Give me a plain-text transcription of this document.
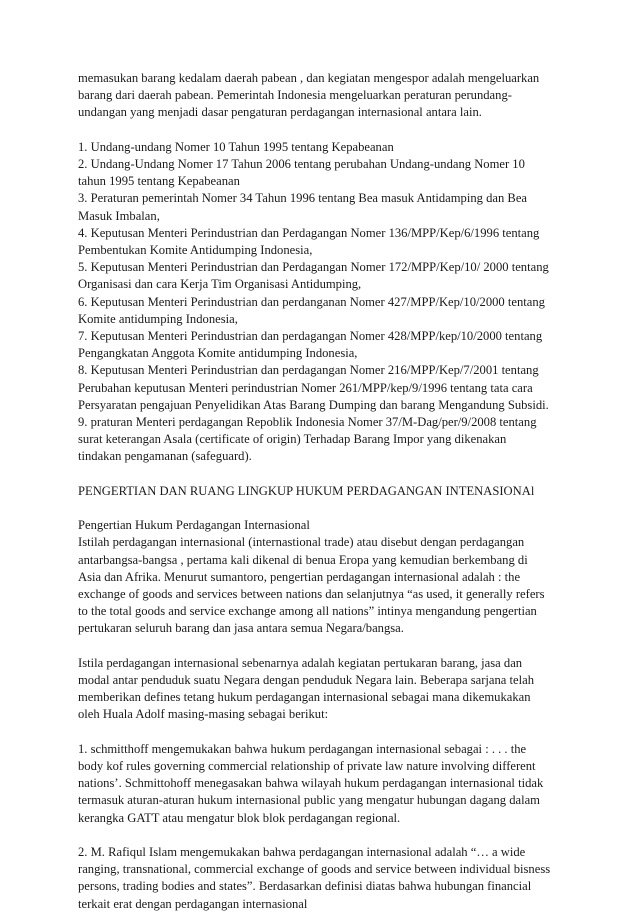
memasukan barang kedalam daerah pabean , dan kegiatan mengespor adalah mengeluarkan
barang dari daerah pabean. Pemerintah Indonesia mengeluarkan peraturan perundang-
undangan yang menjadi dasar pengaturan perdagangan internasional antara lain.
1. Undang-undang Nomer 10 Tahun 1995 tentang Kepabeanan
2. Undang-Undang Nomer 17 Tahun 2006 tentang perubahan Undang-undang Nomer 10
tahun 1995 tentang Kepabeanan
3. Peraturan pemerintah Nomer 34 Tahun 1996 tentang Bea masuk Antidamping dan Bea
Masuk Imbalan,
4. Keputusan Menteri Perindustrian dan Perdagangan Nomer 136/MPP/Kep/6/1996 tentang
Pembentukan Komite Antidumping Indonesia,
5. Keputusan Menteri Perindustrian dan Perdagangan Nomer 172/MPP/Kep/10/ 2000 tentang
Organisasi dan cara Kerja Tim Organisasi Antidumping,
6. Keputusan Menteri Perindustrian dan perdanganan Nomer 427/MPP/Kep/10/2000 tentang
Komite antidumping Indonesia,
7. Keputusan Menteri Perindustrian dan perdagangan Nomer 428/MPP/kep/10/2000 tentang
Pengangkatan Anggota Komite antidumping Indonesia,
8. Keputusan Menteri Perindustrian dan perdagangan Nomer 216/MPP/Kep/7/2001 tentang
Perubahan keputusan Menteri perindustrian Nomer 261/MPP/kep/9/1996 tentang tata cara
Persyaratan pengajuan Penyelidikan Atas Barang Dumping dan barang Mengandung Subsidi.
9. praturan Menteri perdagangan Repoblik Indonesia Nomer 37/M-Dag/per/9/2008 tentang
surat keterangan Asala (certificate of origin) Terhadap Barang Impor yang dikenakan
tindakan pengamanan (safeguard).
PENGERTIAN DAN RUANG LINGKUP HUKUM PERDAGANGAN INTENASIONAl
Pengertian Hukum Perdagangan Internasional
Istilah perdagangan internasional (internastional trade) atau disebut dengan perdagangan
antarbangsa-bangsa , pertama kali dikenal di benua Eropa yang kemudian berkembang di
Asia dan Afrika. Menurut sumantoro, pengertian perdagangan internasional adalah : the
exchange of goods and services between nations dan selanjutnya “as used, it generally refers
to the total goods and service exchange among all nations” intinya mengandung pengertian
pertukaran seluruh barang dan jasa antara semua Negara/bangsa.
Istila perdagangan internasional sebenarnya adalah kegiatan pertukaran barang, jasa dan
modal antar penduduk suatu Negara dengan penduduk Negara lain. Beberapa sarjana telah
memberikan defines tetang hukum perdagangan internasional sebagai mana dikemukakan
oleh Huala Adolf masing-masing sebagai berikut:
1. schmitthoff mengemukakan bahwa hukum perdagangan internasional sebagai : . . . the
body kof rules governing commercial relationship of private law nature involving different
nations’. Schmittohoff menegasakan bahwa wilayah hukum perdagangan internasional tidak
termasuk aturan-aturan hukum internasional public yang mengatur hubungan dagang dalam
kerangka GATT atau mengatur blok blok perdagangan regional.
2. M. Rafiqul Islam mengemukakan bahwa perdagangan internasional adalah “… a wide
ranging, transnational, commercial exchange of goods and service between individual bisness
persons, trading bodies and states”. Berdasarkan definisi diatas bahwa hubungan financial
terkait erat dengan perdagangan internasional
